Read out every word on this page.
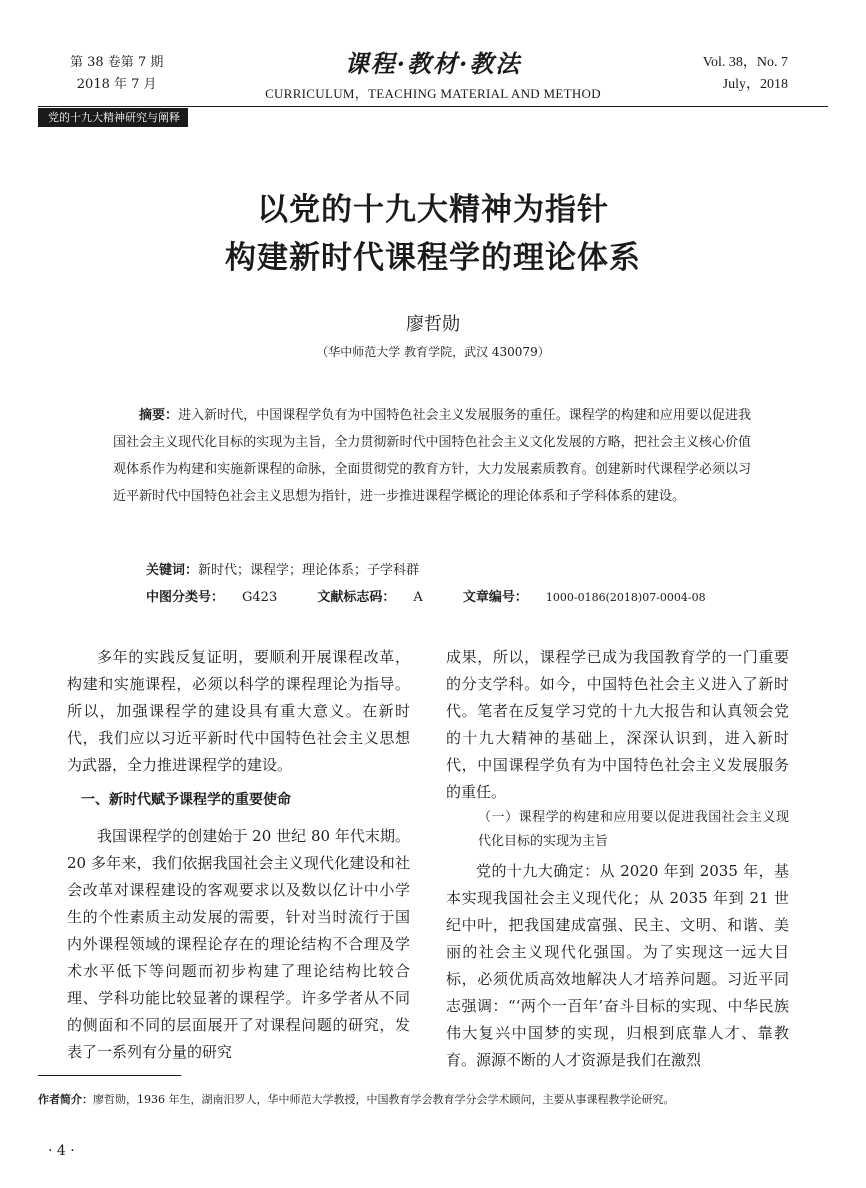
第 38 卷第 7 期
2018 年 7 月
课程·教材·教法
CURRICULUM，TEACHING MATERIAL AND METHOD
Vol. 38，No. 7
July，2018
党的十九大精神研究与阐释
以党的十九大精神为指针
构建新时代课程学的理论体系
廖哲勋
（华中师范大学 教育学院，武汉 430079）

摘要：进入新时代，中国课程学负有为中国特色社会主义发展服务的重任。课程学的构建和应用要以促进我国社会主义现代化目标的实现为主旨，全力贯彻新时代中国特色社会主义文化发展的方略，把社会主义核心价值观体系作为构建和实施新课程的命脉，全面贯彻党的教育方针，大力发展素质教育。创建新时代课程学必须以习近平新时代中国特色社会主义思想为指针，进一步推进课程学概论的理论体系和子学科体系的建设。

关键词：新时代；课程学；理论体系；子学科群
中图分类号： G423	文献标志码： A	文章编号： 1000-0186(2018)07-0004-08

多年的实践反复证明，要顺利开展课程改革，构建和实施课程，必须以科学的课程理论为指导。所以，加强课程学的建设具有重大意义。在新时代，我们应以习近平新时代中国特色社会主义思想为武器，全力推进课程学的建设。

一、新时代赋予课程学的重要使命

我国课程学的创建始于 20 世纪 80 年代末期。20 多年来，我们依据我国社会主义现代化建设和社会改革对课程建设的客观要求以及数以亿计中小学生的个性素质主动发展的需要，针对当时流行于国内外课程领域的课程论存在的理论结构不合理及学术水平低下等问题而初步构建了理论结构比较合理、学科功能比较显著的课程学。许多学者从不同的侧面和不同的层面展开了对课程问题的研究，发表了一系列有分量的研究

成果，所以，课程学已成为我国教育学的一门重要的分支学科。如今，中国特色社会主义进入了新时代。笔者在反复学习党的十九大报告和认真领会党的十九大精神的基础上，深深认识到，进入新时代，中国课程学负有为中国特色社会主义发展服务的重任。

（一）课程学的构建和应用要以促进我国社会主义现代化目标的实现为主旨

党的十九大确定：从 2020 年到 2035 年，基本实现我国社会主义现代化；从 2035 年到 21 世纪中叶，把我国建成富强、民主、文明、和谐、美丽的社会主义现代化强国。为了实现这一远大目标，必须优质高效地解决人才培养问题。习近平同志强调：“‘两个一百年’奋斗目标的实现、中华民族伟大复兴中国梦的实现，归根到底靠人才、靠教育。源源不断的人才资源是我们在激烈

作者简介：廖哲勋，1936 年生，湖南汨罗人，华中师范大学教授，中国教育学会教育学分会学术顾问，主要从事课程教学论研究。
· 4 ·
